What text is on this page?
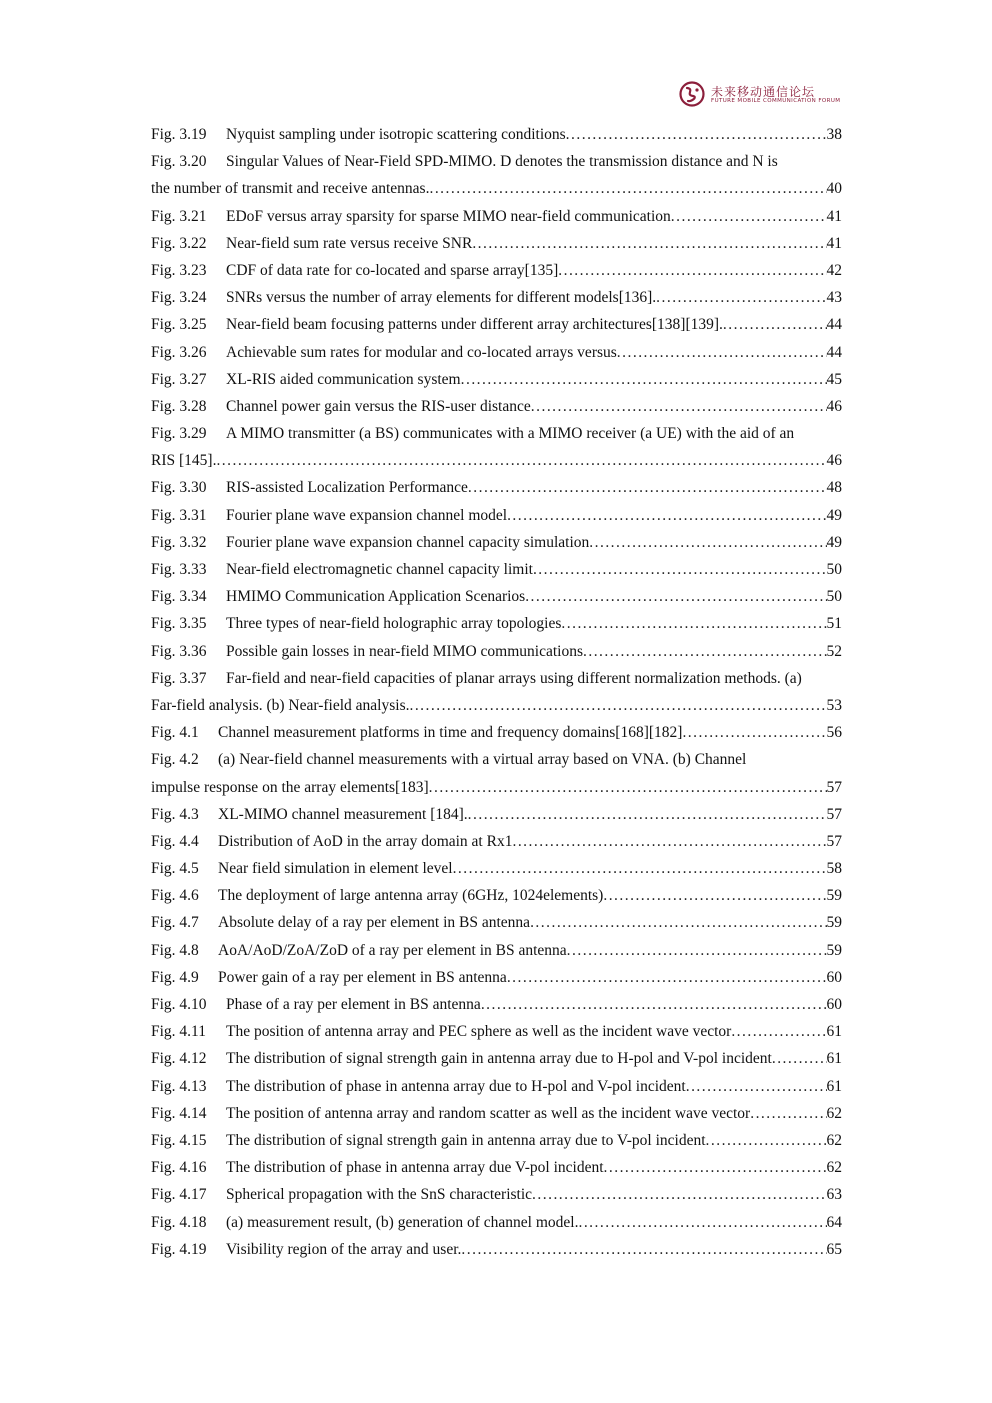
未来移动通信论坛
FUTURE MOBILE COMMUNICATION FORUM
Fig. 3.19	Nyquist sampling under isotropic scattering conditions . . .	38
Fig. 3.20 Singular Values of Near-Field SPD-MIMO. D denotes the transmission distance and N is
the number of transmit and receive antennas. . . .	40
Fig. 3.21	EDoF versus array sparsity for sparse MIMO near-field communication . . .	41
Fig. 3.22	Near-field sum rate versus receive SNR . . .	41
Fig. 3.23	CDF of data rate for co-located and sparse array[135] . . .	42
Fig. 3.24	SNRs versus the number of array elements for different models[136]. . . .	43
Fig. 3.25	Near-field beam focusing patterns under different array architectures[138][139]. . . .	44
Fig. 3.26	Achievable sum rates for modular and co-located arrays versus . . .	44
Fig. 3.27	XL-RIS aided communication system . . .	45
Fig. 3.28	Channel power gain versus the RIS-user distance . . .	46
Fig. 3.29 A MIMO transmitter (a BS) communicates with a MIMO receiver (a UE) with the aid of an
RIS [145]. . . .	46
Fig. 3.30	RIS-assisted Localization Performance . . .	48
Fig. 3.31	Fourier plane wave expansion channel model . . .	49
Fig. 3.32	Fourier plane wave expansion channel capacity simulation . . .	49
Fig. 3.33	Near-field electromagnetic channel capacity limit . . .	50
Fig. 3.34	HMIMO Communication Application Scenarios . . .	50
Fig. 3.35	Three types of near-field holographic array topologies . . .	51
Fig. 3.36	Possible gain losses in near-field MIMO communications . . .	52
Fig. 3.37 Far-field and near-field capacities of planar arrays using different normalization methods. (a)
Far-field analysis. (b) Near-field analysis. . . .	53
Fig. 4.1	Channel measurement platforms in time and frequency domains[168][182] . . .	56
Fig. 4.2 (a) Near-field channel measurements with a virtual array based on VNA. (b) Channel
impulse response on the array elements[183] . . .	57
Fig. 4.3	XL-MIMO channel measurement [184]. . . .	57
Fig. 4.4	Distribution of AoD in the array domain at Rx1 . . .	57
Fig. 4.5	Near field simulation in element level . . .	58
Fig. 4.6	The deployment of large antenna array (6GHz, 1024elements) . . .	59
Fig. 4.7	Absolute delay of a ray per element in BS antenna . . .	59
Fig. 4.8	AoA/AoD/ZoA/ZoD of a ray per element in BS antenna . . .	59
Fig. 4.9	Power gain of a ray per element in BS antenna . . .	60
Fig. 4.10	Phase of a ray per element in BS antenna . . .	60
Fig. 4.11	The position of antenna array and PEC sphere as well as the incident wave vector . . .	61
Fig. 4.12	The distribution of signal strength gain in antenna array due to H-pol and V-pol incident . . .	61
Fig. 4.13	The distribution of phase in antenna array due to H-pol and V-pol incident . . .	61
Fig. 4.14	The position of antenna array and random scatter as well as the incident wave vector . . .	62
Fig. 4.15	The distribution of signal strength gain in antenna array due to V-pol incident . . .	62
Fig. 4.16	The distribution of phase in antenna array due V-pol incident . . .	62
Fig. 4.17	Spherical propagation with the SnS characteristic . . .	63
Fig. 4.18	(a) measurement result, (b) generation of channel model. . . .	64
Fig. 4.19	Visibility region of the array and user. . . .	65
